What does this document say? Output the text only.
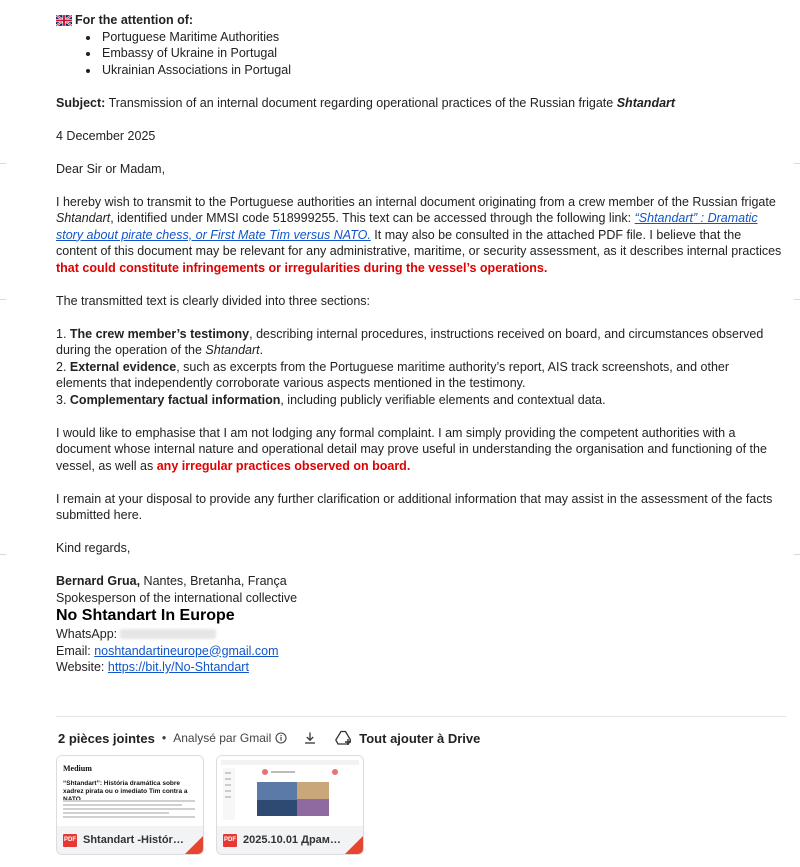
For the attention of:
• Portuguese Maritime Authorities
• Embassy of Ukraine in Portugal
• Ukrainian Associations in Portugal

Subject: Transmission of an internal document regarding operational practices of the Russian frigate Shtandart

4 December 2025

Dear Sir or Madam,

I hereby wish to transmit to the Portuguese authorities an internal document originating from a crew member of the Russian frigate Shtandart, identified under MMSI code 518999255. This text can be accessed through the following link: “Shtandart” : Dramatic story about pirate chess, or First Mate Tim versus NATO. It may also be consulted in the attached PDF file. I believe that the content of this document may be relevant for any administrative, maritime, or security assessment, as it describes internal practices that could constitute infringements or irregularities during the vessel’s operations.

The transmitted text is clearly divided into three sections:

1. The crew member’s testimony, describing internal procedures, instructions received on board, and circumstances observed during the operation of the Shtandart.

2. External evidence, such as excerpts from the Portuguese maritime authority’s report, AIS track screenshots, and other elements that independently corroborate various aspects mentioned in the testimony.

3. Complementary factual information, including publicly verifiable elements and contextual data.

I would like to emphasise that I am not lodging any formal complaint. I am simply providing the competent authorities with a document whose internal nature and operational detail may prove useful in understanding the organisation and functioning of the vessel, as well as any irregular practices observed on board.

I remain at your disposal to provide any further clarification or additional information that may assist in the assessment of the facts submitted here.

Kind regards,

Bernard Grua, Nantes, Bretanha, França

Spokesperson of the international collective

No Shtandart In Europe

WhatsApp:

Email: noshtandartineurope@gmail.com

Website: https://bit.ly/No-Shtandart

2 pièces jointes • Analysé par Gmail	Tout ajouter à Drive
Medium
“Shtandart”: História dramática sobre xadrez pirata ou o imediato Tim contra a
PDF Shtandart -Histór…	PDF 2025.10.01 Драм…
